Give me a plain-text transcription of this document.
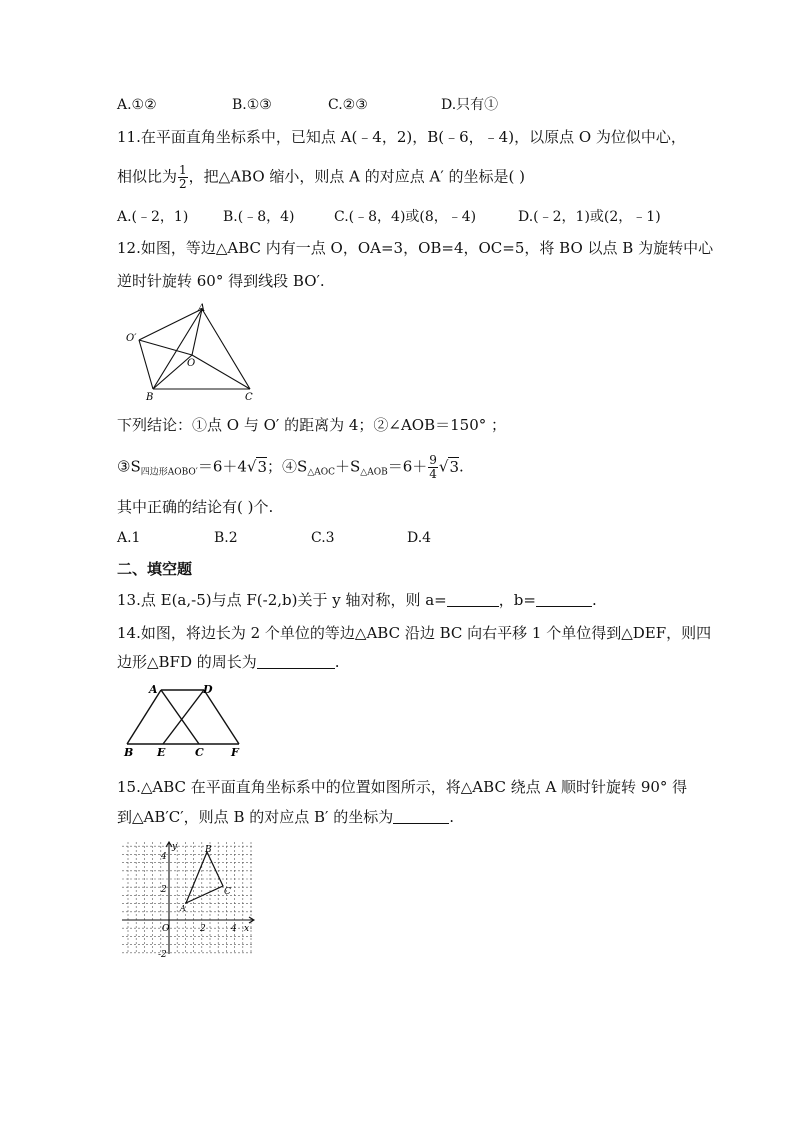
A.①②	B.①③	C.②③	D.只有①
11.在平面直角坐标系中，已知点 A(﹣4，2)，B(﹣6，﹣4)，以原点 O 为位似中心，
相似比为 $\frac{1}{2}$ ，把△ABO 缩小，则点 A 的对应点 A′ 的坐标是( )
A.(﹣2，1) B.(﹣8，4)	C.(﹣8，4)或(8，﹣4)	D.(﹣2，1)或(2，﹣1)
12.如图，等边△ABC 内有一点 O，OA=3，OB=4，OC=5，将 BO 以点 B 为旋转中心
逆时针旋转 60° 得到线段 BO′.
A
B	C
O
O′
下列结论：①点 O 与 O′ 的距离为 4；②∠AOB＝150° ；
$③S_{四边形AOBO'}=6+4√3$；$④S_{\triangle AOC}+S_{\triangle AOB}=6+ \frac{9}{4} √3$.
其中正确的结论有( )个.
A.1	B.2	C.3	D.4
二、填空题
13.点 E(a,-5)与点 F(-2,b)关于 y 轴对称，则 a=	，b=	.
14.如图，将边长为 2 个单位的等边△ABC 沿边 BC 向右平移 1 个单位得到△DEF，则四
边形△BFD 的周长为	.
A	D
B E	C F
15.△ABC 在平面直角坐标系中的位置如图所示，将△ABC 绕点 A 顺时针旋转 90° 得
到△AB′C′，则点 B 的对应点 B′ 的坐标为	.
y
x
O
4
2
-2
2	4
A
B
C
